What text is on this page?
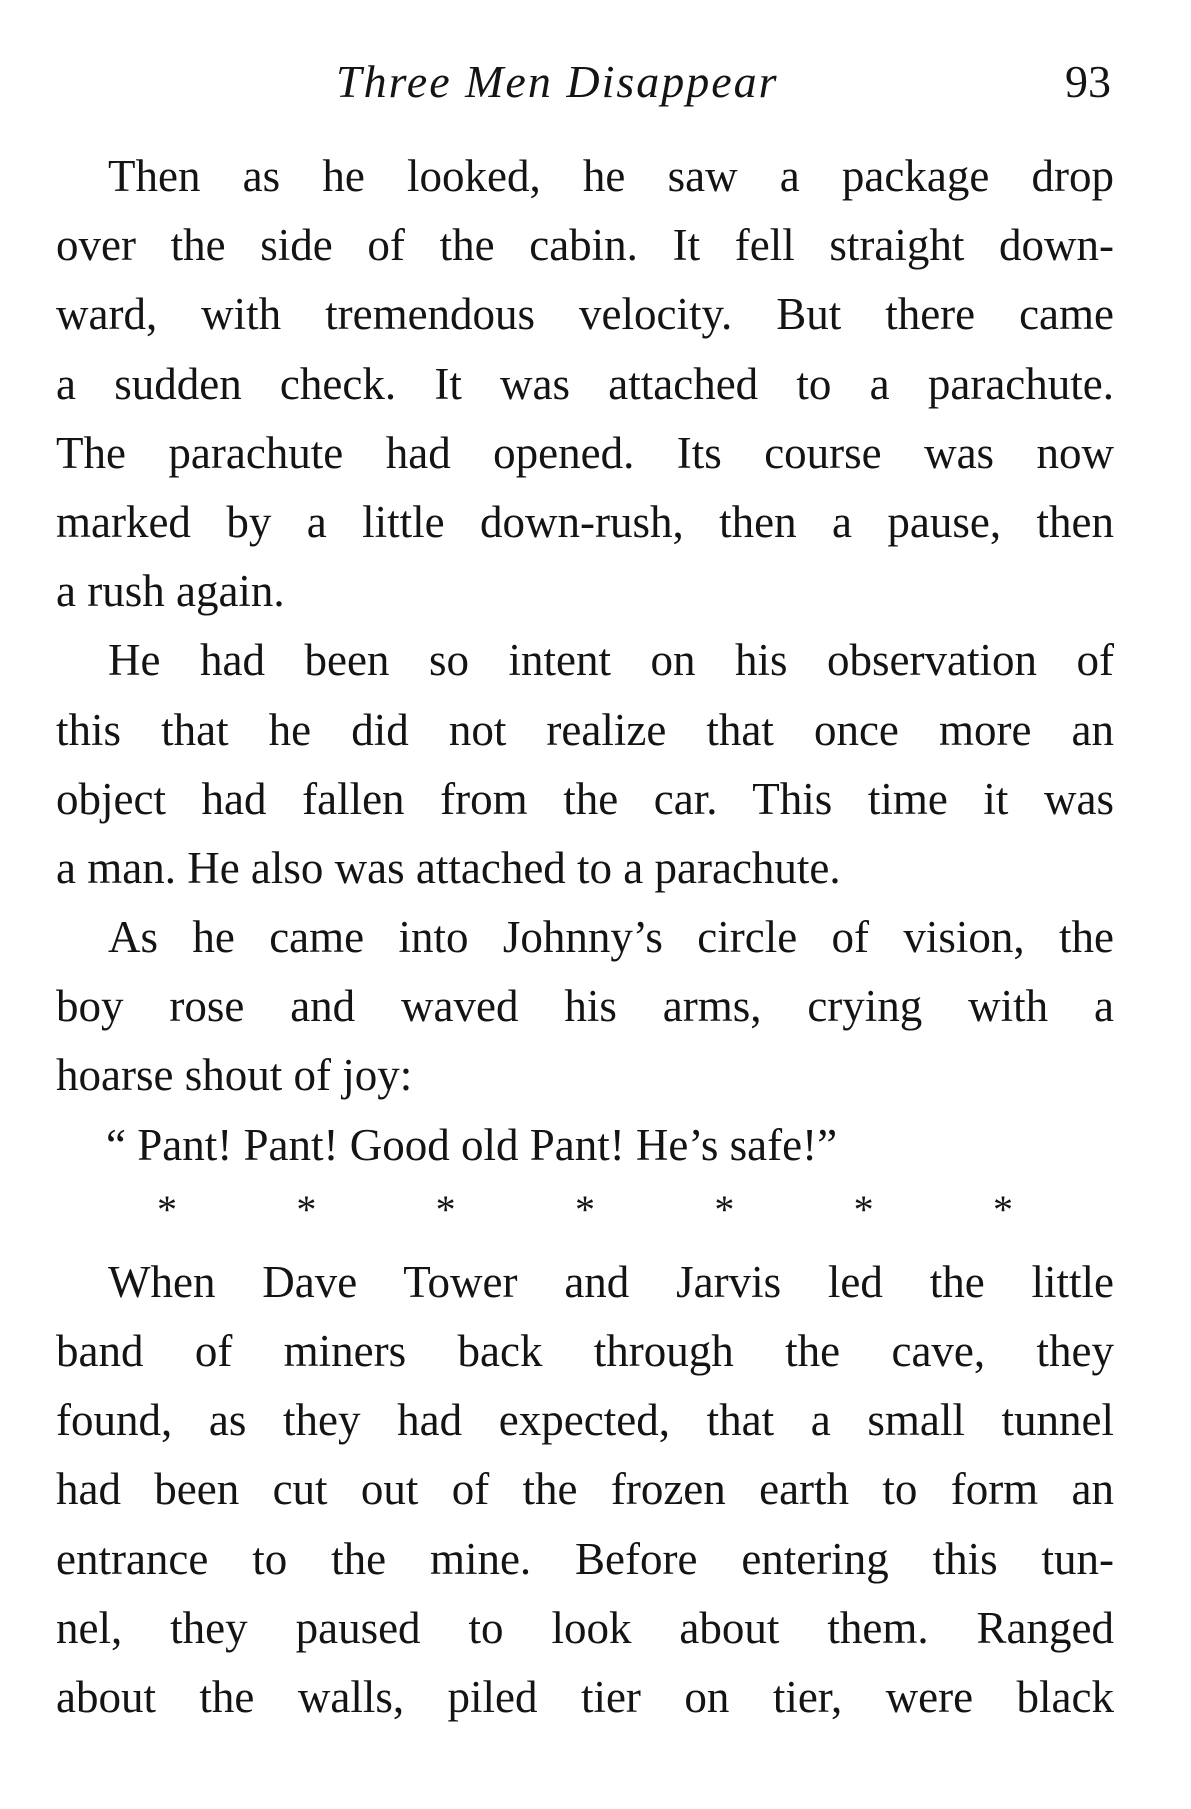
Three Men Disappear	93
Then as he looked, he saw a package drop
over the side of the cabin. It fell straight down-
ward, with tremendous velocity. But there came
a sudden check. It was attached to a parachute.
The parachute had opened. Its course was now
marked by a little down-rush, then a pause, then
a rush again.
He had been so intent on his observation of
this that he did not realize that once more an
object had fallen from the car. This time it was
a man. He also was attached to a parachute.
As he came into Johnny’s circle of vision, the
boy rose and waved his arms, crying with a
hoarse shout of joy:
“ Pant! Pant! Good old Pant! He’s safe!”
*	*	*	*	*	*	*
When Dave Tower and Jarvis led the little
band of miners back through the cave, they
found, as they had expected, that a small tunnel
had been cut out of the frozen earth to form an
entrance to the mine. Before entering this tun-
nel, they paused to look about them. Ranged
about the walls, piled tier on tier, were black
